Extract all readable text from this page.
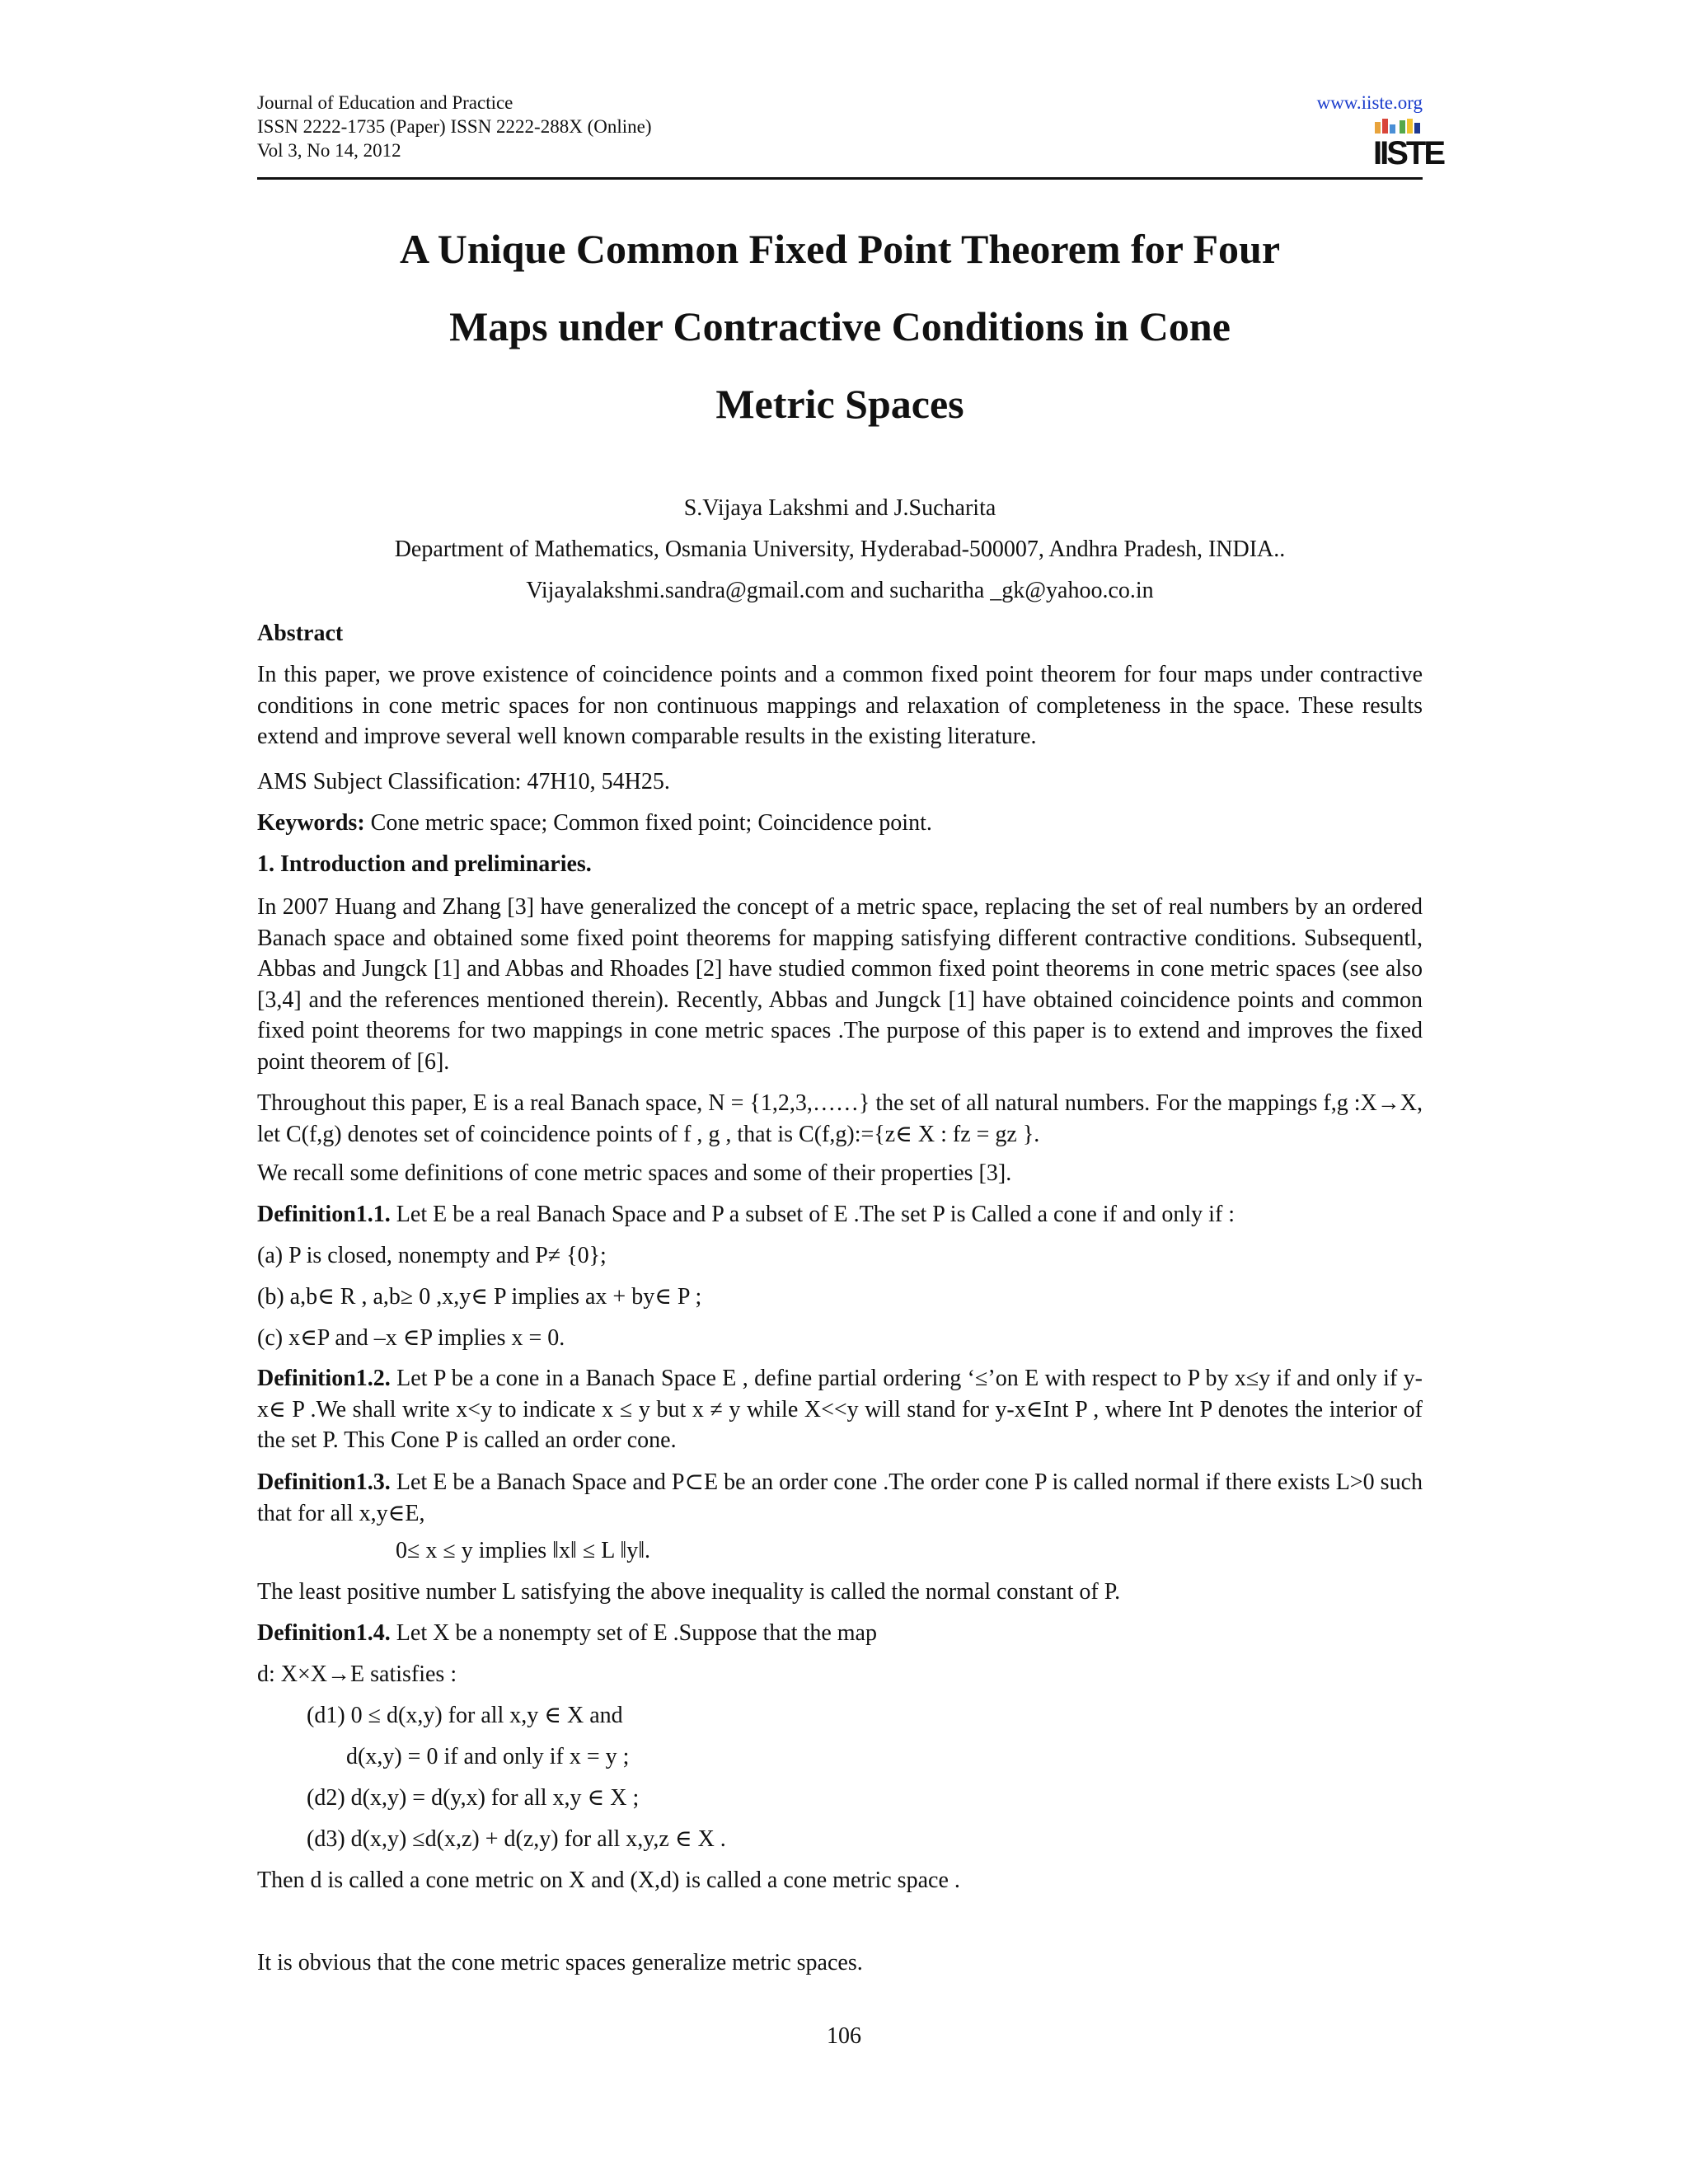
Journal of Education and Practice
ISSN 2222-1735 (Paper) ISSN 2222-288X (Online)
Vol 3, No 14, 2012
www.iiste.org
IISTE
A Unique Common Fixed Point Theorem for Four
Maps under Contractive Conditions in Cone
Metric Spaces
S.Vijaya Lakshmi and J.Sucharita
Department of Mathematics, Osmania University, Hyderabad-500007, Andhra Pradesh, INDIA..
Vijayalakshmi.sandra@gmail.com and sucharitha _gk@yahoo.co.in
Abstract
In this paper, we prove existence of coincidence points and a common fixed point theorem for four maps under contractive conditions in cone metric spaces for non continuous mappings and relaxation of completeness in the space. These results extend and improve several well known comparable results in the existing literature.
AMS Subject Classification: 47H10, 54H25.
Keywords: Cone metric space; Common fixed point; Coincidence point.
1. Introduction and preliminaries.
In 2007 Huang and Zhang [3] have generalized the concept of a metric space, replacing the set of real numbers by an ordered Banach space and obtained some fixed point theorems for mapping satisfying different contractive conditions. Subsequentl, Abbas and Jungck [1] and Abbas and Rhoades [2] have studied common fixed point theorems in cone metric spaces (see also [3,4] and the references mentioned therein). Recently, Abbas and Jungck [1] have obtained coincidence points and common fixed point theorems for two mappings in cone metric spaces .The purpose of this paper is to extend and improves the fixed point theorem of [6].
Throughout this paper, E is a real Banach space, N = {1,2,3,……} the set of all natural numbers. For the mappings f,g :X→X, let C(f,g) denotes set of coincidence points of f , g , that is C(f,g):={z∈ X : fz = gz }.
We recall some definitions of cone metric spaces and some of their properties [3].
Definition1.1. Let E be a real Banach Space and P a subset of E .The set P is Called a cone if and only if :
(a) P is closed, nonempty and P≠ {0};
(b) a,b∈ R , a,b≥ 0 ,x,y∈ P implies ax + by∈ P ;
(c) x∈P and –x ∈P implies x = 0.
Definition1.2. Let P be a cone in a Banach Space E , define partial ordering ‘≤’on E with respect to P by x≤y if and only if y-x∈ P .We shall write x<y to indicate x ≤ y but x ≠ y while X<<y will stand for y-x∈Int P , where Int P denotes the interior of the set P. This Cone P is called an order cone.
Definition1.3. Let E be a Banach Space and P⊂E be an order cone .The order cone P is called normal if there exists L>0 such that for all x,y∈E,
0≤ x ≤ y implies ‖x‖ ≤ L ‖y‖.
The least positive number L satisfying the above inequality is called the normal constant of P.
Definition1.4. Let X be a nonempty set of E .Suppose that the map
d: X×X→E satisfies :
(d1) 0 ≤ d(x,y) for all x,y ∈ X and
d(x,y) = 0 if and only if x = y ;
(d2) d(x,y) = d(y,x) for all x,y ∈ X ;
(d3) d(x,y) ≤d(x,z) + d(z,y) for all x,y,z ∈ X .
Then d is called a cone metric on X and (X,d) is called a cone metric space .
It is obvious that the cone metric spaces generalize metric spaces.
106
